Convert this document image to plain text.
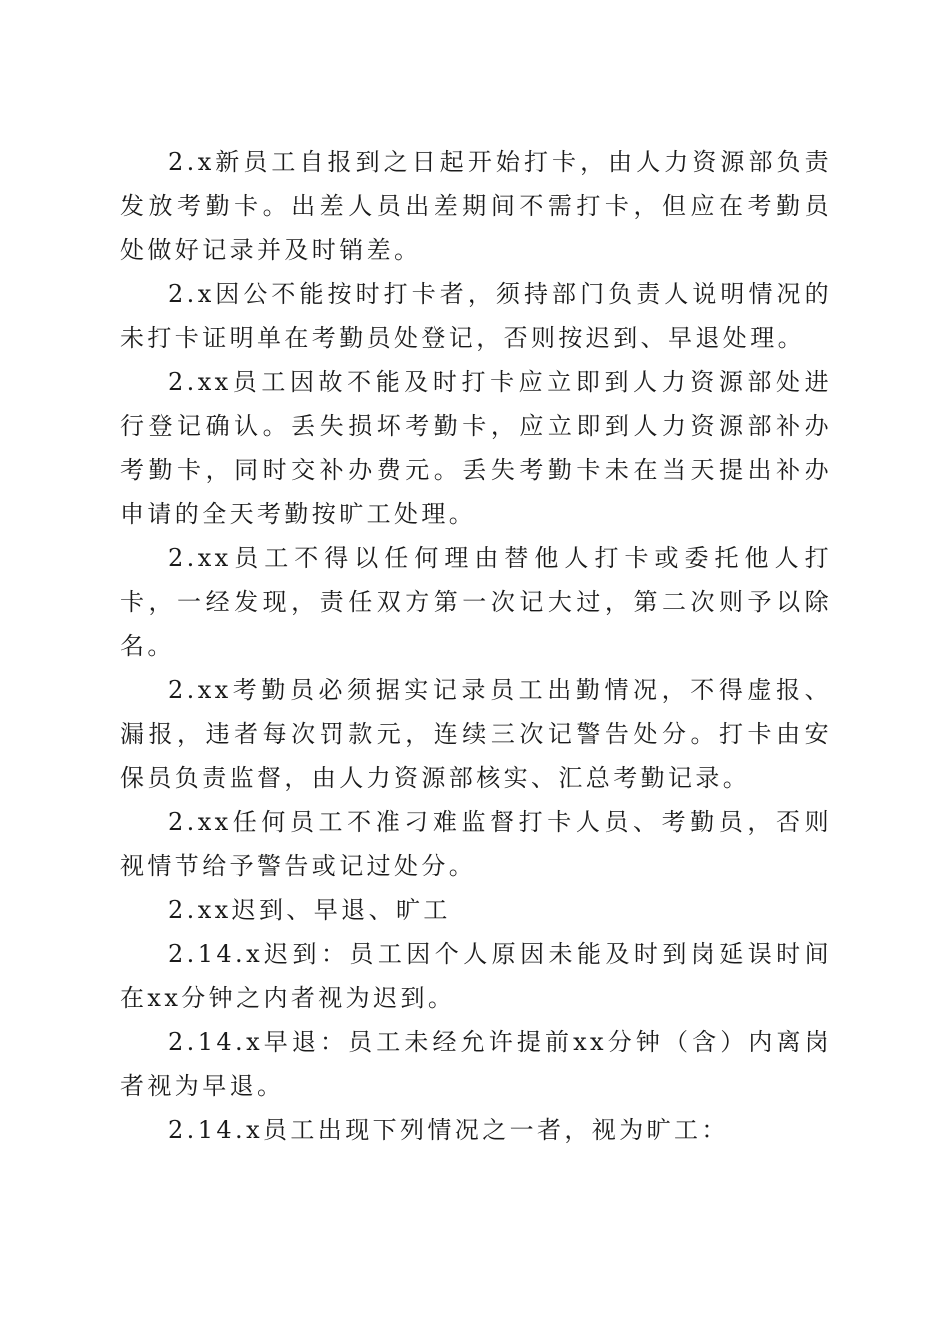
2.x新员工自报到之日起开始打卡，由人力资源部负责发放考勤卡。出差人员出差期间不需打卡，但应在考勤员处做好记录并及时销差。

2.x因公不能按时打卡者，须持部门负责人说明情况的未打卡证明单在考勤员处登记，否则按迟到、早退处理。

2.xx员工因故不能及时打卡应立即到人力资源部处进行登记确认。丢失损坏考勤卡，应立即到人力资源部补办考勤卡，同时交补办费元。丢失考勤卡未在当天提出补办申请的全天考勤按旷工处理。

2.xx员工不得以任何理由替他人打卡或委托他人打卡，一经发现，责任双方第一次记大过，第二次则予以除名。

2.xx考勤员必须据实记录员工出勤情况，不得虚报、漏报，违者每次罚款元，连续三次记警告处分。打卡由安保员负责监督，由人力资源部核实、汇总考勤记录。

2.xx任何员工不准刁难监督打卡人员、考勤员，否则视情节给予警告或记过处分。

2.xx迟到、早退、旷工

2.14.x迟到：员工因个人原因未能及时到岗延误时间在xx分钟之内者视为迟到。

2.14.x早退：员工未经允许提前xx分钟（含）内离岗者视为早退。

2.14.x员工出现下列情况之一者，视为旷工：
